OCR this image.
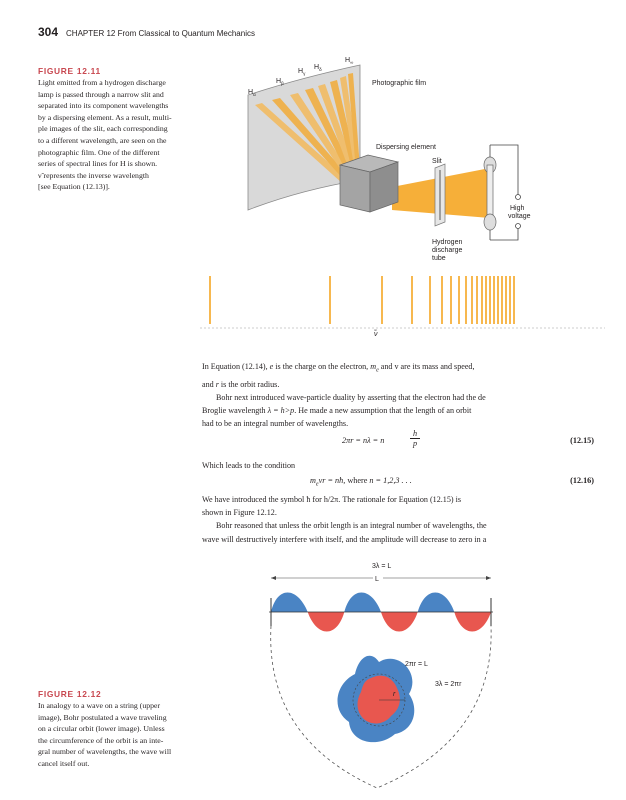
304 CHAPTER 12 From Classical to Quantum Mechanics
FIGURE 12.11
Light emitted from a hydrogen discharge
lamp is passed through a narrow slit and
separated into its component wavelengths
by a dispersing element. As a result, multi-
ple images of the slit, each corresponding
to a different wavelength, are seen on the
photographic film. One of the different
series of spectral lines for H is shown.
ν̃ represents the inverse wavelength
[see Equation (12.13)].
$H_\alpha$
$H_\beta$
$H_\gamma$
$H_\delta$
$H_\infty$
Photographic film
Dispersing element
Slit
High
voltage
Hydrogen
discharge
tube
ν̃

In Equation (12.14), e is the charge on the electron, $m_e$ and v are its mass and speed,

and r is the orbit radius.

Bohr next introduced wave-particle duality by asserting that the electron had the de

Broglie wavelength λ = h>p. He made a new assumption that the length of an orbit

had to be an integral number of wavelengths.

2πr = nλ = n
h
p	(12.15)

Which leads to the condition

$m_evr$ = nħ, where n = 1,2,3 . . .	(12.16)

We have introduced the symbol ħ for h/2π. The rationale for Equation (12.15) is

shown in Figure 12.12.

Bohr reasoned that unless the orbit length is an integral number of wavelengths, the

wave will destructively interfere with itself, and the amplitude will decrease to zero in a

FIGURE 12.12
In analogy to a wave on a string (upper
image), Bohr postulated a wave traveling
on a circular orbit (lower image). Unless
the circumference of the orbit is an inte-
gral number of wavelengths, the wave will
cancel itself out.
3λ = L
L
r
2πr = L
3λ = 2πr
